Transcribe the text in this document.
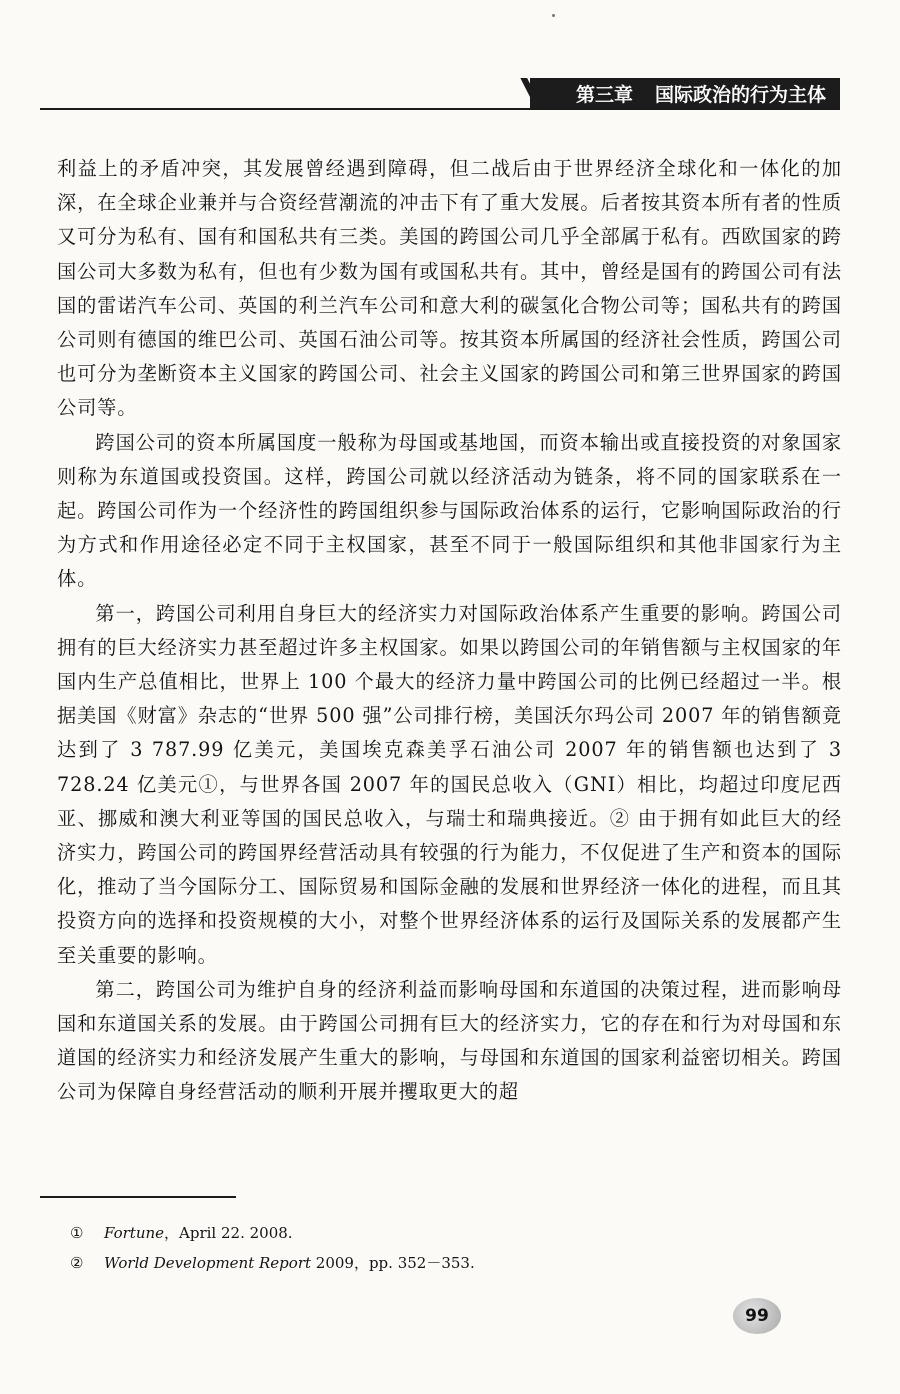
第三章 国际政治的行为主体

利益上的矛盾冲突，其发展曾经遇到障碍，但二战后由于世界经济全球化和一体化的加深，在全球企业兼并与合资经营潮流的冲击下有了重大发展。后者按其资本所有者的性质又可分为私有、国有和国私共有三类。美国的跨国公司几乎全部属于私有。西欧国家的跨国公司大多数为私有，但也有少数为国有或国私共有。其中，曾经是国有的跨国公司有法国的雷诺汽车公司、英国的利兰汽车公司和意大利的碳氢化合物公司等；国私共有的跨国公司则有德国的维巴公司、英国石油公司等。按其资本所属国的经济社会性质，跨国公司也可分为垄断资本主义国家的跨国公司、社会主义国家的跨国公司和第三世界国家的跨国公司等。

跨国公司的资本所属国度一般称为母国或基地国，而资本输出或直接投资的对象国家则称为东道国或投资国。这样，跨国公司就以经济活动为链条，将不同的国家联系在一起。跨国公司作为一个经济性的跨国组织参与国际政治体系的运行，它影响国际政治的行为方式和作用途径必定不同于主权国家，甚至不同于一般国际组织和其他非国家行为主体。

第一，跨国公司利用自身巨大的经济实力对国际政治体系产生重要的影响。跨国公司拥有的巨大经济实力甚至超过许多主权国家。如果以跨国公司的年销售额与主权国家的年国内生产总值相比，世界上 100 个最大的经济力量中跨国公司的比例已经超过一半。根据美国《财富》杂志的“世界 500 强”公司排行榜，美国沃尔玛公司 2007 年的销售额竟达到了 3 787.99 亿美元，美国埃克森美孚石油公司 2007 年的销售额也达到了 3 728.24 亿美元①，与世界各国 2007 年的国民总收入（GNI）相比，均超过印度尼西亚、挪威和澳大利亚等国的国民总收入，与瑞士和瑞典接近。② 由于拥有如此巨大的经济实力，跨国公司的跨国界经营活动具有较强的行为能力，不仅促进了生产和资本的国际化，推动了当今国际分工、国际贸易和国际金融的发展和世界经济一体化的进程，而且其投资方向的选择和投资规模的大小，对整个世界经济体系的运行及国际关系的发展都产生至关重要的影响。

第二，跨国公司为维护自身的经济利益而影响母国和东道国的决策过程，进而影响母国和东道国关系的发展。由于跨国公司拥有巨大的经济实力，它的存在和行为对母国和东道国的经济实力和经济发展产生重大的影响，与母国和东道国的国家利益密切相关。跨国公司为保障自身经营活动的顺利开展并攫取更大的超

① Fortune，April 22. 2008.
② World Development Report 2009，pp. 352－353.
99
